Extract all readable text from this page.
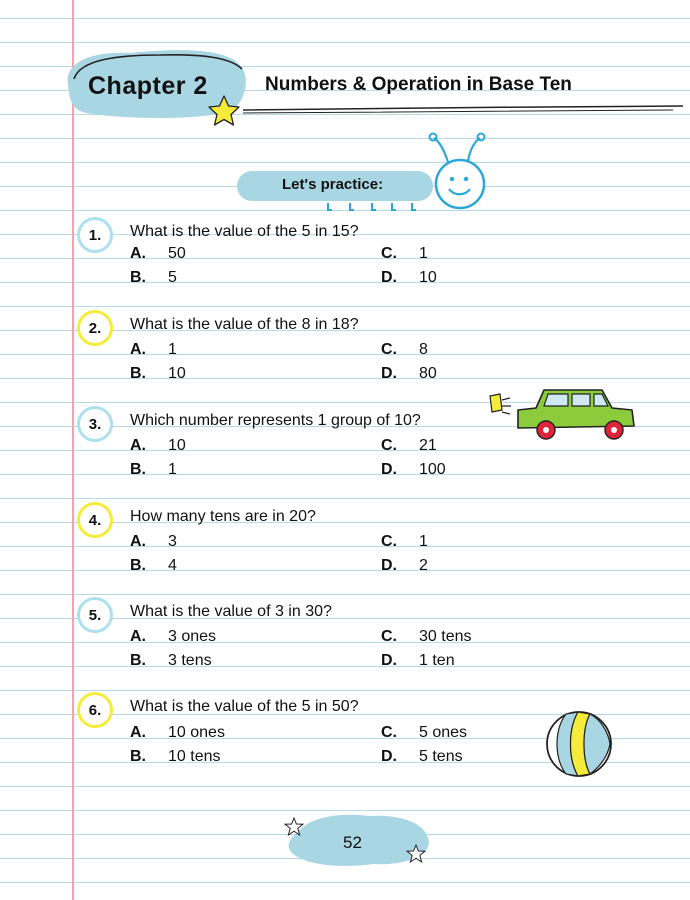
Chapter 2	Numbers & Operation in Base Ten
Let's practice:
1.	What is the value of the 5 in 15?
A. 50
B. 5
C. 1
D. 10
2.	What is the value of the 8 in 18?
A. 1
B. 10
C. 8
D. 80
3.	Which number represents 1 group of 10?
A. 10
B. 1
C. 21
D. 100
4.	How many tens are in 20?
A. 3
B. 4
C. 1
D. 2
5.	What is the value of 3 in 30?
A. 3 ones
B. 3 tens
C. 30 tens
D. 1 ten
6.	What is the value of the 5 in 50?
A. 10 ones
B. 10 tens
C. 5 ones
D. 5 tens
52
